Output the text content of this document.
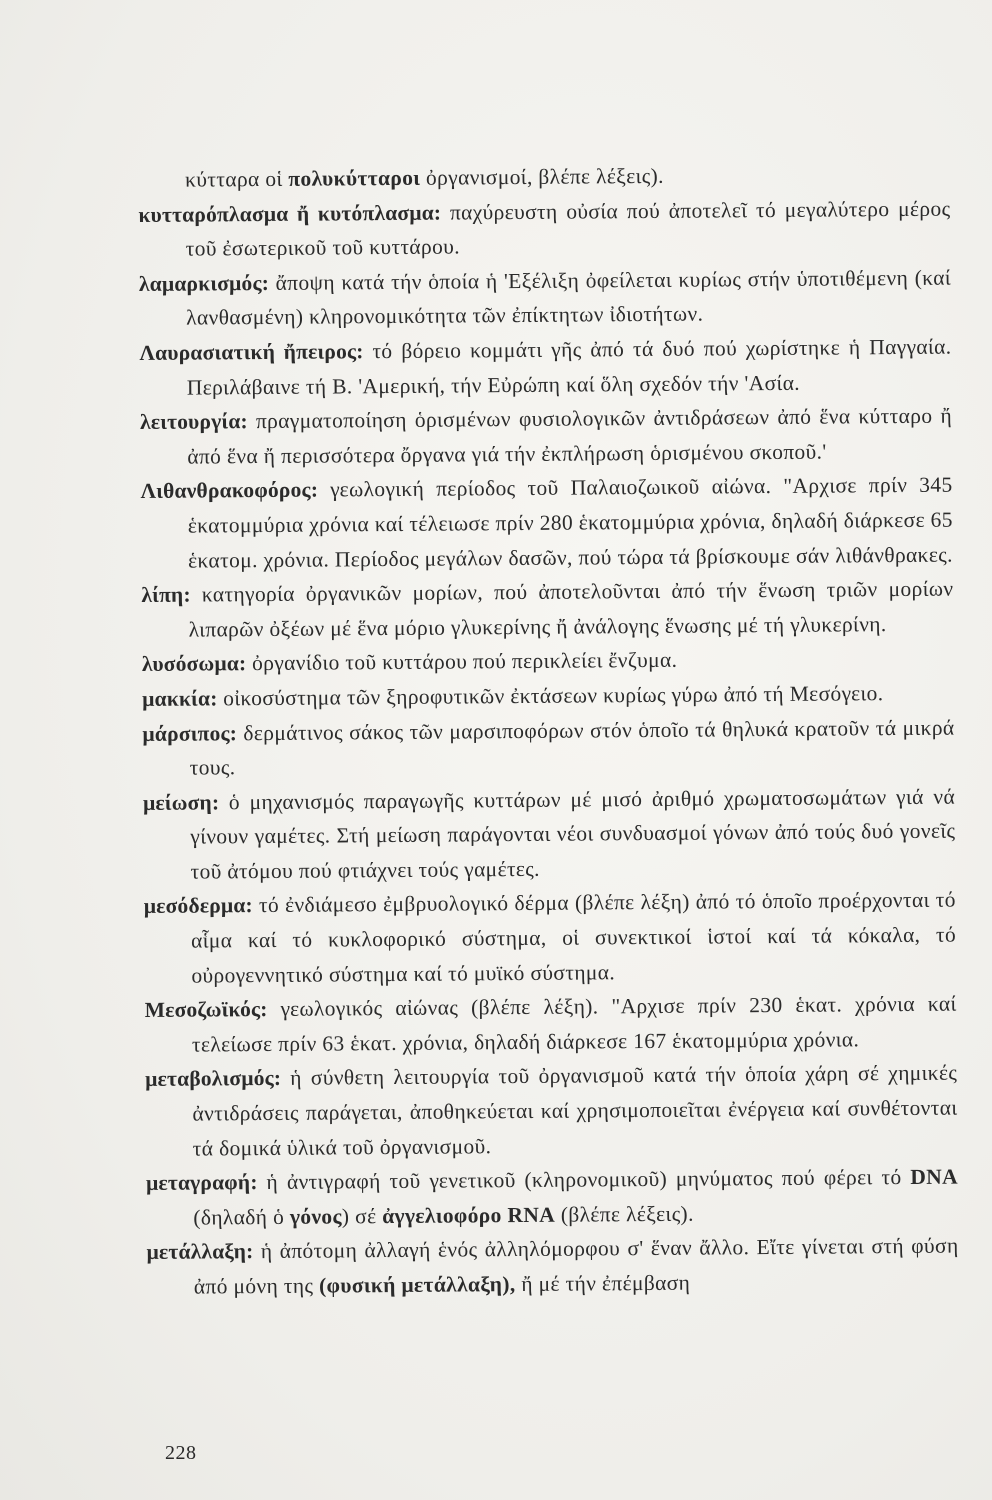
κύτταρα οἱ πολυκύτταροι ὀργανισμοί, βλέπε λέξεις).

κυτταρόπλασμα ἤ κυτόπλασμα: παχύρευστη οὐσία πού ἀποτελεῖ τό μεγαλύτερο μέρος τοῦ ἐσωτερικοῦ τοῦ κυττάρου.

λαμαρκισμός: ἄποψη κατά τήν ὁποία ἡ 'Εξέλιξη ὀφείλεται κυρίως στήν ὑποτιθέμενη (καί λανθασμένη) κληρονομικότητα τῶν ἐπίκτητων ἰδιοτήτων.

Λαυρασιατική ἤπειρος: τό βόρειο κομμάτι γῆς ἀπό τά δυό πού χωρίστηκε ἡ Παγγαία. Περιλάβαινε τή Β. 'Αμερική, τήν Εὐρώπη καί ὅλη σχεδόν τήν 'Ασία.

λειτουργία: πραγματοποίηση ὁρισμένων φυσιολογικῶν ἀντιδράσεων ἀπό ἕνα κύτταρο ἤ ἀπό ἕνα ἤ περισσότερα ὄργανα γιά τήν ἐκπλήρωση ὁρισμένου σκοποῦ.'

Λιθανθρακοφόρος: γεωλογική περίοδος τοῦ Παλαιοζωικοῦ αἰώνα. "Αρχισε πρίν 345 ἑκατομμύρια χρόνια καί τέλειωσε πρίν 280 ἑκατομμύρια χρόνια, δηλαδή διάρκεσε 65 ἑκατομ. χρόνια. Περίοδος μεγάλων δασῶν, πού τώρα τά βρίσκουμε σάν λιθάνθρακες.

λίπη: κατηγορία ὀργανικῶν μορίων, πού ἀποτελοῦνται ἀπό τήν ἕνωση τριῶν μορίων λιπαρῶν ὀξέων μέ ἕνα μόριο γλυκερίνης ἤ ἀνάλογης ἕνωσης μέ τή γλυκερίνη.

λυσόσωμα: ὀργανίδιο τοῦ κυττάρου πού περικλείει ἔνζυμα.

μακκία: οἰκοσύστημα τῶν ξηροφυτικῶν ἐκτάσεων κυρίως γύρω ἀπό τή Μεσόγειο.

μάρσιπος: δερμάτινος σάκος τῶν μαρσιποφόρων στόν ὁποῖο τά θηλυκά κρατοῦν τά μικρά τους.

μείωση: ὁ μηχανισμός παραγωγῆς κυττάρων μέ μισό ἀριθμό χρωματοσωμάτων γιά νά γίνουν γαμέτες. Στή μείωση παράγονται νέοι συνδυασμοί γόνων ἀπό τούς δυό γονεῖς τοῦ ἀτόμου πού φτιάχνει τούς γαμέτες.

μεσόδερμα: τό ἐνδιάμεσο ἐμβρυολογικό δέρμα (βλέπε λέξη) ἀπό τό ὁποῖο προέρχονται τό αἷμα καί τό κυκλοφορικό σύστημα, οἱ συνεκτικοί ἱστοί καί τά κόκαλα, τό οὐρογεννητικό σύστημα καί τό μυϊκό σύστημα.

Μεσοζωϊκός: γεωλογικός αἰώνας (βλέπε λέξη). "Αρχισε πρίν 230 ἑκατ. χρόνια καί τελείωσε πρίν 63 ἑκατ. χρόνια, δηλαδή διάρκεσε 167 ἑκατομμύρια χρόνια.

μεταβολισμός: ἡ σύνθετη λειτουργία τοῦ ὀργανισμοῦ κατά τήν ὁποία χάρη σέ χημικές ἀντιδράσεις παράγεται, ἀποθηκεύεται καί χρησιμοποιεῖται ἐνέργεια καί συνθέτονται τά δομικά ὑλικά τοῦ ὀργανισμοῦ.

μεταγραφή: ἡ ἀντιγραφή τοῦ γενετικοῦ (κληρονομικοῦ) μηνύματος πού φέρει τό DNA (δηλαδή ὁ γόνος) σέ ἀγγελιοφόρο RNA (βλέπε λέξεις).

μετάλλαξη: ἡ ἀπότομη ἀλλαγή ἑνός ἀλληλόμορφου σ' ἕναν ἄλλο. Εἴτε γίνεται στή φύση ἀπό μόνη της (φυσική μετάλλαξη), ἤ μέ τήν ἐπέμβαση

228
